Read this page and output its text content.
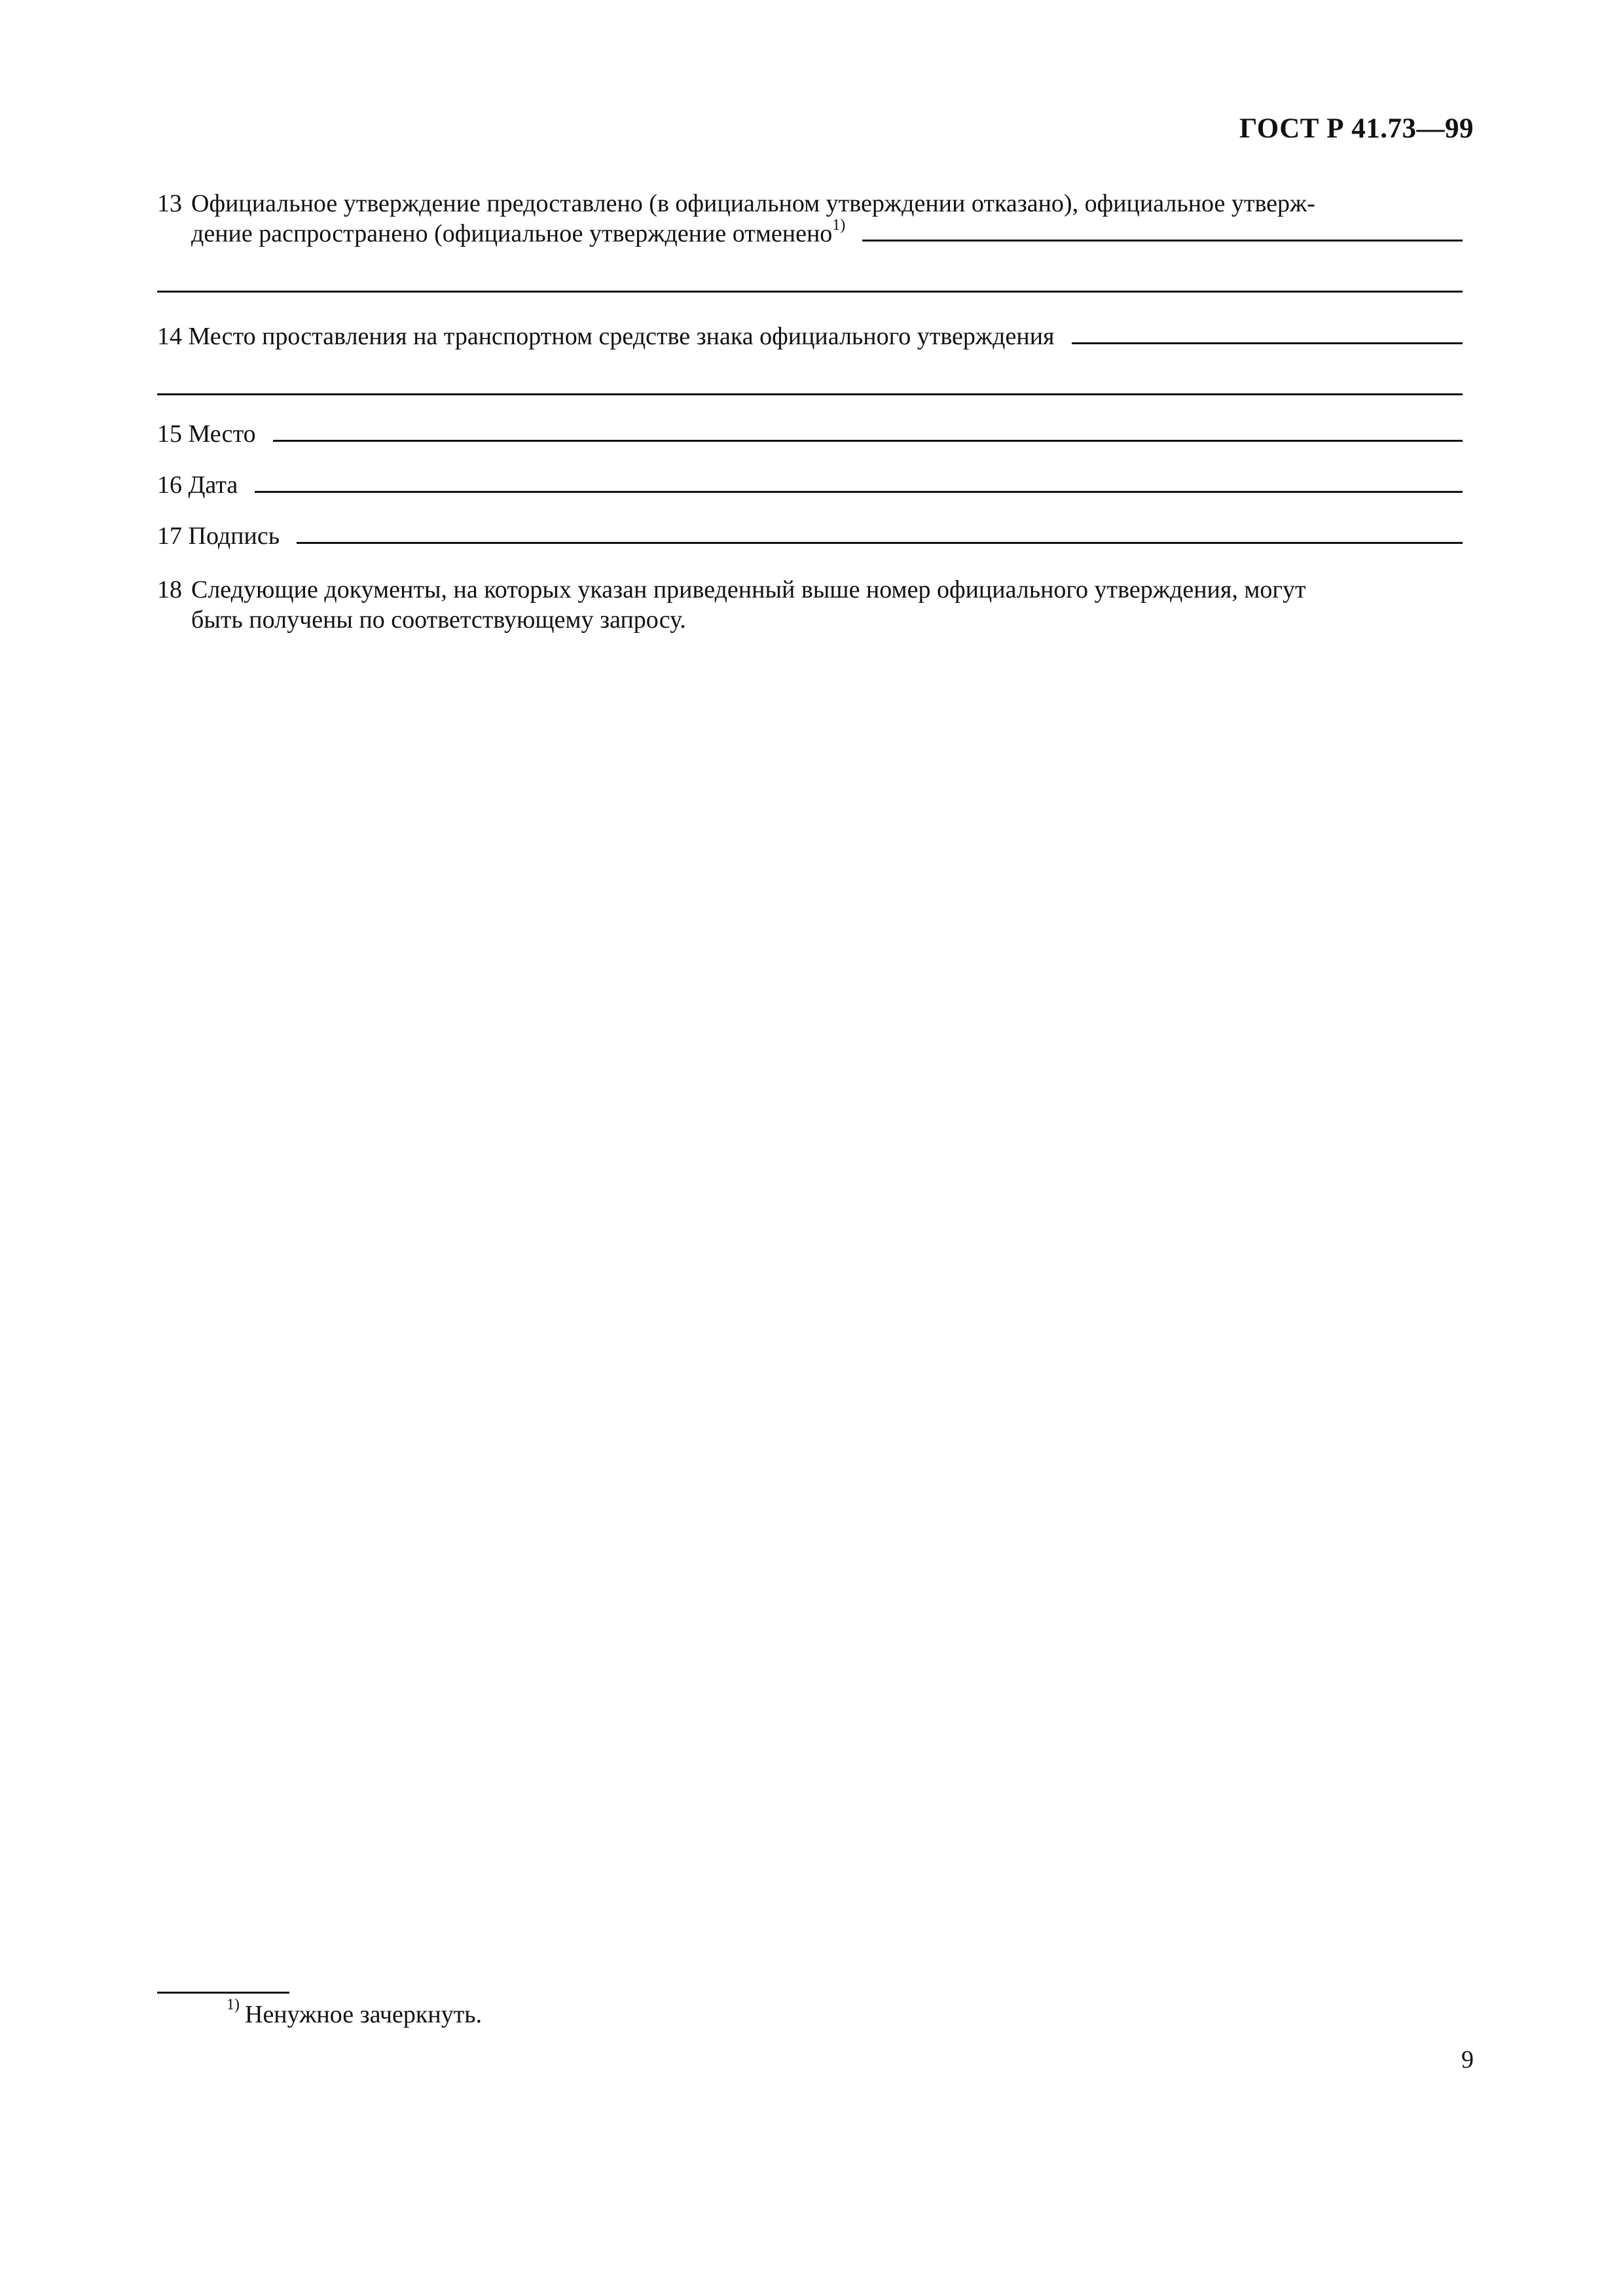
ГОСТ Р 41.73—99
13 Официальное утверждение предоставлено (в официальном утверждении отказано), официальное утверж-
дение распространено (официальное утверждение отменено$^{1)}$
14 Место проставления на транспортном средстве знака официального утверждения
15 Место
16 Дата
17 Подпись
18 Следующие документы, на которых указан приведенный выше номер официального утверждения, могут
быть получены по соответствующему запросу.
$^{1)}$ Ненужное зачеркнуть.
9
